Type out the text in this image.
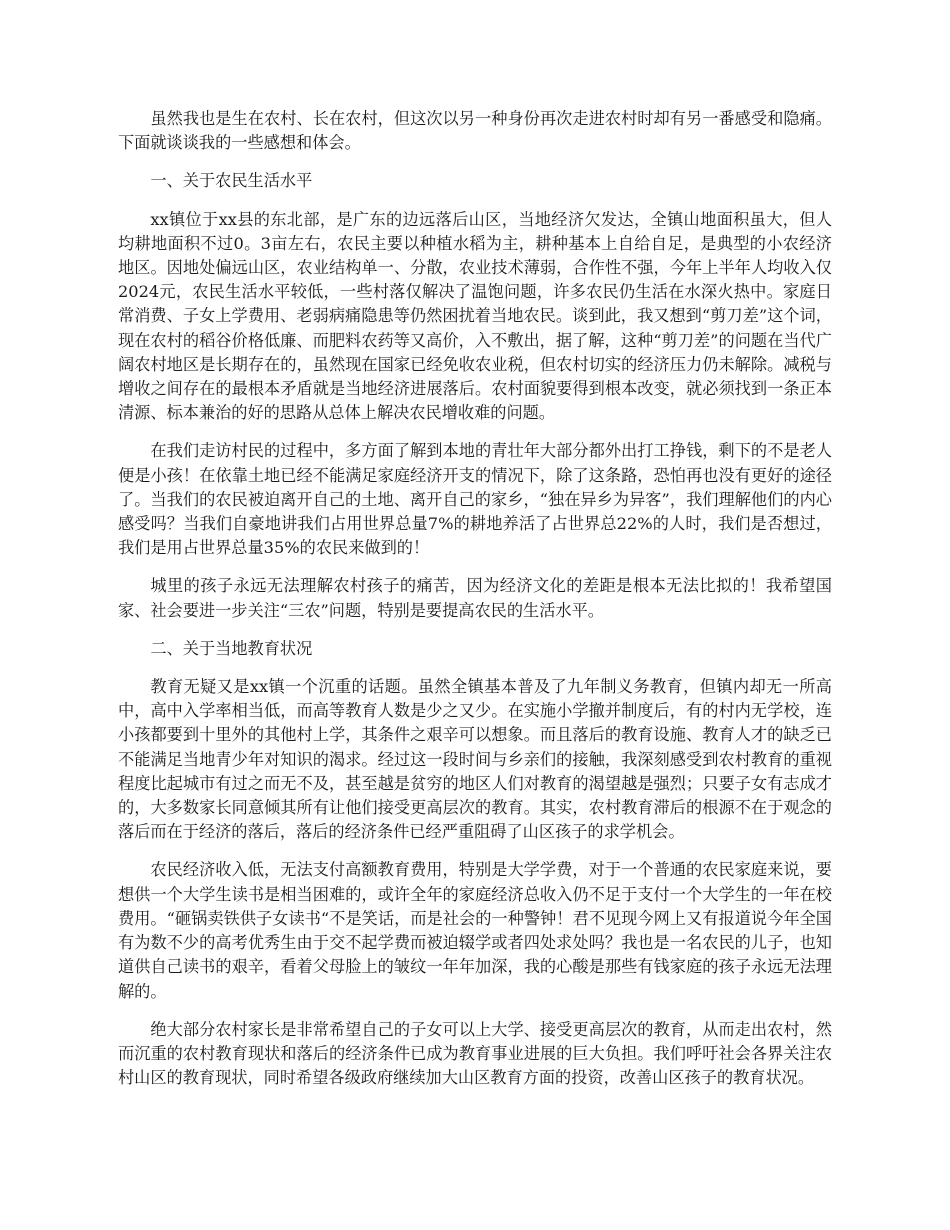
虽然我也是生在农村、长在农村，但这次以另一种身份再次走进农村时却有另一番感受和隐痛。下面就谈谈我的一些感想和体会。

一、关于农民生活水平

xx镇位于xx县的东北部，是广东的边远落后山区，当地经济欠发达，全镇山地面积虽大，但人均耕地面积不过0。3亩左右，农民主要以种植水稻为主，耕种基本上自给自足，是典型的小农经济地区。因地处偏远山区，农业结构单一、分散，农业技术薄弱，合作性不强，今年上半年人均收入仅2024元，农民生活水平较低，一些村落仅解决了温饱问题，许多农民仍生活在水深火热中。家庭日常消费、子女上学费用、老弱病痛隐患等仍然困扰着当地农民。谈到此，我又想到“剪刀差”这个词，现在农村的稻谷价格低廉、而肥料农药等又高价，入不敷出，据了解，这种“剪刀差”的问题在当代广阔农村地区是长期存在的，虽然现在国家已经免收农业税，但农村切实的经济压力仍未解除。减税与增收之间存在的最根本矛盾就是当地经济进展落后。农村面貌要得到根本改变，就必须找到一条正本清源、标本兼治的好的思路从总体上解决农民增收难的问题。

在我们走访村民的过程中，多方面了解到本地的青壮年大部分都外出打工挣钱，剩下的不是老人便是小孩！在依靠土地已经不能满足家庭经济开支的情况下，除了这条路，恐怕再也没有更好的途径了。当我们的农民被迫离开自己的土地、离开自己的家乡，“独在异乡为异客”，我们理解他们的内心感受吗？当我们自豪地讲我们占用世界总量7%的耕地养活了占世界总22%的人时，我们是否想过，我们是用占世界总量35%的农民来做到的！

城里的孩子永远无法理解农村孩子的痛苦，因为经济文化的差距是根本无法比拟的！我希望国家、社会要进一步关注“三农”问题，特别是要提高农民的生活水平。

二、关于当地教育状况

教育无疑又是xx镇一个沉重的话题。虽然全镇基本普及了九年制义务教育，但镇内却无一所高中，高中入学率相当低，而高等教育人数是少之又少。在实施小学撤并制度后，有的村内无学校，连小孩都要到十里外的其他村上学，其条件之艰辛可以想象。而且落后的教育设施、教育人才的缺乏已不能满足当地青少年对知识的渴求。经过这一段时间与乡亲们的接触，我深刻感受到农村教育的重视程度比起城市有过之而无不及，甚至越是贫穷的地区人们对教育的渴望越是强烈；只要子女有志成才的，大多数家长同意倾其所有让他们接受更高层次的教育。其实，农村教育滞后的根源不在于观念的落后而在于经济的落后，落后的经济条件已经严重阻碍了山区孩子的求学机会。

农民经济收入低，无法支付高额教育费用，特别是大学学费，对于一个普通的农民家庭来说，要想供一个大学生读书是相当困难的，或许全年的家庭经济总收入仍不足于支付一个大学生的一年在校费用。“砸锅卖铁供子女读书“不是笑话，而是社会的一种警钟！君不见现今网上又有报道说今年全国有为数不少的高考优秀生由于交不起学费而被迫辍学或者四处求处吗？我也是一名农民的儿子，也知道供自己读书的艰辛，看着父母脸上的皱纹一年年加深，我的心酸是那些有钱家庭的孩子永远无法理解的。

绝大部分农村家长是非常希望自己的子女可以上大学、接受更高层次的教育，从而走出农村，然而沉重的农村教育现状和落后的经济条件已成为教育事业进展的巨大负担。我们呼吁社会各界关注农村山区的教育现状，同时希望各级政府继续加大山区教育方面的投资，改善山区孩子的教育状况。
